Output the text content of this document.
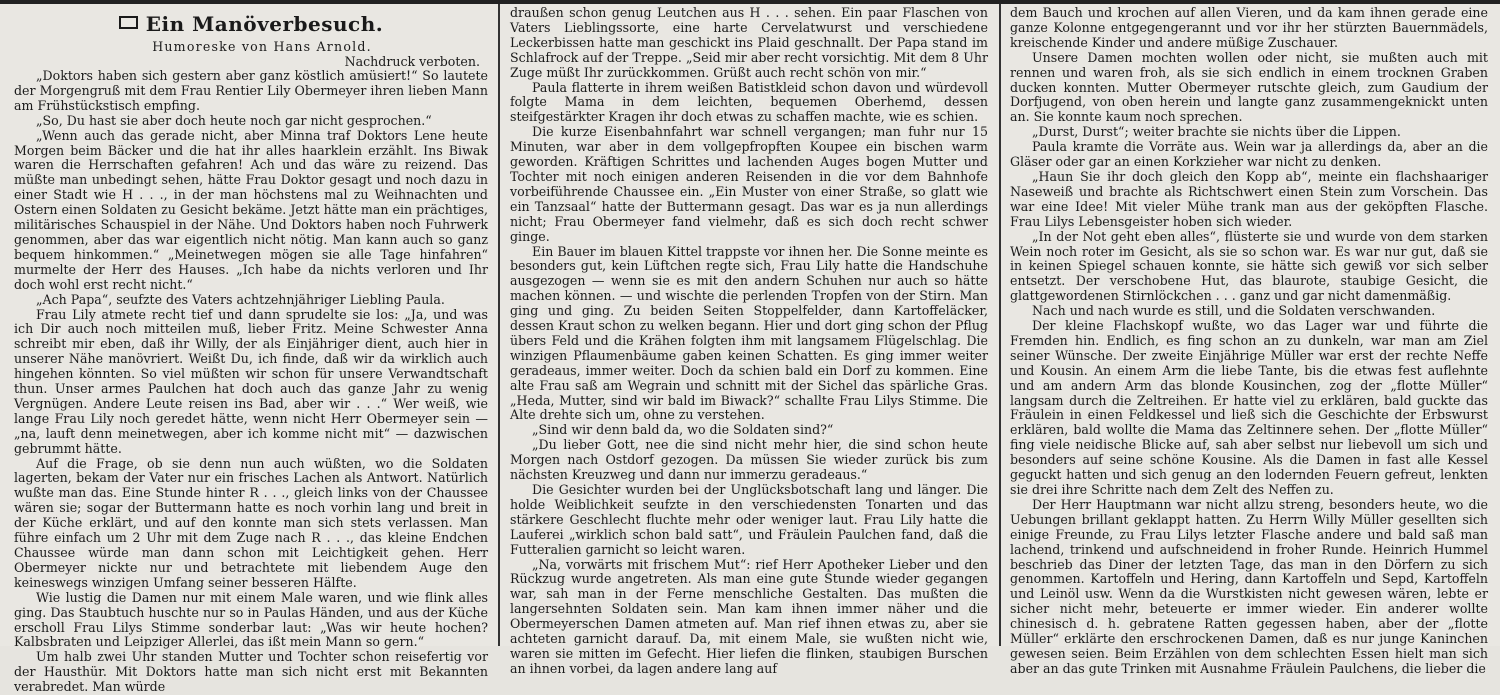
Ein Manöverbesuch.

Humoreske von Hans Arnold.

Nachdruck verboten.

„Doktors haben sich gestern aber ganz köstlich amüsiert!“ So lautete der Morgengruß mit dem Frau Rentier Lily Obermeyer ihren lieben Mann am Frühstückstisch empfing.

„So, Du hast sie aber doch heute noch gar nicht gesprochen.“

„Wenn auch das gerade nicht, aber Minna traf Doktors Lene heute Morgen beim Bäcker und die hat ihr alles haarklein erzählt. Ins Biwak waren die Herrschaften gefahren! Ach und das wäre zu reizend. Das müßte man unbedingt sehen, hätte Frau Doktor gesagt und noch dazu in einer Stadt wie H . . ., in der man höchstens mal zu Weihnachten und Ostern einen Soldaten zu Gesicht bekäme. Jetzt hätte man ein prächtiges, militärisches Schauspiel in der Nähe. Und Doktors haben noch Fuhrwerk genommen, aber das war eigentlich nicht nötig. Man kann auch so ganz bequem hinkommen.“ „Meinetwegen mögen sie alle Tage hinfahren“ murmelte der Herr des Hauses. „Ich habe da nichts verloren und Ihr doch wohl erst recht nicht.“

„Ach Papa“, seufzte des Vaters achtzehnjähriger Liebling Paula.

Frau Lily atmete recht tief und dann sprudelte sie los: „Ja, und was ich Dir auch noch mitteilen muß, lieber Fritz. Meine Schwester Anna schreibt mir eben, daß ihr Willy, der als Einjähriger dient, auch hier in unserer Nähe manövriert. Weißt Du, ich finde, daß wir da wirklich auch hingehen könnten. So viel müßten wir schon für unsere Verwandtschaft thun. Unser armes Paulchen hat doch auch das ganze Jahr zu wenig Vergnügen. Andere Leute reisen ins Bad, aber wir . . .“ Wer weiß, wie lange Frau Lily noch geredet hätte, wenn nicht Herr Obermeyer sein — „na, lauft denn meinetwegen, aber ich komme nicht mit“ — dazwischen gebrummt hätte.

Auf die Frage, ob sie denn nun auch wüßten, wo die Soldaten lagerten, bekam der Vater nur ein frisches Lachen als Antwort. Natürlich wußte man das. Eine Stunde hinter R . . ., gleich links von der Chaussee wären sie; sogar der Buttermann hatte es noch vorhin lang und breit in der Küche erklärt, und auf den konnte man sich stets verlassen. Man führe einfach um 2 Uhr mit dem Zuge nach R . . ., das kleine Endchen Chaussee würde man dann schon mit Leichtigkeit gehen. Herr Obermeyer nickte nur und betrachtete mit liebendem Auge den keineswegs winzigen Umfang seiner besseren Hälfte.

Wie lustig die Damen nur mit einem Male waren, und wie flink alles ging. Das Staubtuch huschte nur so in Paulas Händen, und aus der Küche erscholl Frau Lilys Stimme sonderbar laut: „Was wir heute hochen? Kalbsbraten und Leipziger Allerlei, das ißt mein Mann so gern.“

Um halb zwei Uhr standen Mutter und Tochter schon reisefertig vor der Hausthür. Mit Doktors hatte man sich nicht erst mit Bekannten verabredet. Man würde

draußen schon genug Leutchen aus H . . . sehen. Ein paar Flaschen von Vaters Lieblingssorte, eine harte Cervelatwurst und verschiedene Leckerbissen hatte man geschickt ins Plaid geschnallt. Der Papa stand im Schlafrock auf der Treppe. „Seid mir aber recht vorsichtig. Mit dem 8 Uhr Zuge müßt Ihr zurückkommen. Grüßt auch recht schön von mir.“

Paula flatterte in ihrem weißen Batistkleid schon davon und würdevoll folgte Mama in dem leichten, bequemen Oberhemd, dessen steifgestärkter Kragen ihr doch etwas zu schaffen machte, wie es schien.

Die kurze Eisenbahnfahrt war schnell vergangen; man fuhr nur 15 Minuten, war aber in dem vollgepfropften Koupee ein bischen warm geworden. Kräftigen Schrittes und lachenden Auges bogen Mutter und Tochter mit noch einigen anderen Reisenden in die vor dem Bahnhofe vorbeiführende Chaussee ein. „Ein Muster von einer Straße, so glatt wie ein Tanzsaal“ hatte der Buttermann gesagt. Das war es ja nun allerdings nicht; Frau Obermeyer fand vielmehr, daß es sich doch recht schwer ginge.

Ein Bauer im blauen Kittel trappste vor ihnen her. Die Sonne meinte es besonders gut, kein Lüftchen regte sich, Frau Lily hatte die Handschuhe ausgezogen — wenn sie es mit den andern Schuhen nur auch so hätte machen können. — und wischte die perlenden Tropfen von der Stirn. Man ging und ging. Zu beiden Seiten Stoppelfelder, dann Kartoffeläcker, dessen Kraut schon zu welken begann. Hier und dort ging schon der Pflug übers Feld und die Krähen folgten ihm mit langsamem Flügelschlag. Die winzigen Pflaumenbäume gaben keinen Schatten. Es ging immer weiter geradeaus, immer weiter. Doch da schien bald ein Dorf zu kommen. Eine alte Frau saß am Wegrain und schnitt mit der Sichel das spärliche Gras. „Heda, Mutter, sind wir bald im Biwack?“ schallte Frau Lilys Stimme. Die Alte drehte sich um, ohne zu verstehen.

„Sind wir denn bald da, wo die Soldaten sind?“

„Du lieber Gott, nee die sind nicht mehr hier, die sind schon heute Morgen nach Ostdorf gezogen. Da müssen Sie wieder zurück bis zum nächsten Kreuzweg und dann nur immerzu geradeaus.“

Die Gesichter wurden bei der Unglücksbotschaft lang und länger. Die holde Weiblichkeit seufzte in den verschiedensten Tonarten und das stärkere Geschlecht fluchte mehr oder weniger laut. Frau Lily hatte die Lauferei „wirklich schon bald satt“, und Fräulein Paulchen fand, daß die Futteralien garnicht so leicht waren.

„Na, vorwärts mit frischem Mut“: rief Herr Apotheker Lieber und den Rückzug wurde angetreten. Als man eine gute Stunde wieder gegangen war, sah man in der Ferne menschliche Gestalten. Das mußten die langersehnten Soldaten sein. Man kam ihnen immer näher und die Obermeyerschen Damen atmeten auf. Man rief ihnen etwas zu, aber sie achteten garnicht darauf. Da, mit einem Male, sie wußten nicht wie, waren sie mitten im Gefecht. Hier liefen die flinken, staubigen Burschen an ihnen vorbei, da lagen andere lang auf

dem Bauch und krochen auf allen Vieren, und da kam ihnen gerade eine ganze Kolonne entgegengerannt und vor ihr her stürzten Bauernmädels, kreischende Kinder und andere müßige Zuschauer.

Unsere Damen mochten wollen oder nicht, sie mußten auch mit rennen und waren froh, als sie sich endlich in einem trocknen Graben ducken konnten. Mutter Obermeyer rutschte gleich, zum Gaudium der Dorfjugend, von oben herein und langte ganz zusammengeknickt unten an. Sie konnte kaum noch sprechen.

„Durst, Durst“; weiter brachte sie nichts über die Lippen.

Paula kramte die Vorräte aus. Wein war ja allerdings da, aber an die Gläser oder gar an einen Korkzieher war nicht zu denken.

„Haun Sie ihr doch gleich den Kopp ab“, meinte ein flachshaariger Naseweiß und brachte als Richtschwert einen Stein zum Vorschein. Das war eine Idee! Mit vieler Mühe trank man aus der geköpften Flasche. Frau Lilys Lebensgeister hoben sich wieder.

„In der Not geht eben alles“, flüsterte sie und wurde von dem starken Wein noch roter im Gesicht, als sie so schon war. Es war nur gut, daß sie in keinen Spiegel schauen konnte, sie hätte sich gewiß vor sich selber entsetzt. Der verschobene Hut, das blaurote, staubige Gesicht, die glattgewordenen Stirnlöckchen . . . ganz und gar nicht damenmäßig.

Nach und nach wurde es still, und die Soldaten verschwanden.

Der kleine Flachskopf wußte, wo das Lager war und führte die Fremden hin. Endlich, es fing schon an zu dunkeln, war man am Ziel seiner Wünsche. Der zweite Einjährige Müller war erst der rechte Neffe und Kousin. An einem Arm die liebe Tante, bis die etwas fest auflehnte und am andern Arm das blonde Kousinchen, zog der „flotte Müller“ langsam durch die Zeltreihen. Er hatte viel zu erklären, bald guckte das Fräulein in einen Feldkessel und ließ sich die Geschichte der Erbswurst erklären, bald wollte die Mama das Zeltinnere sehen. Der „flotte Müller“ fing viele neidische Blicke auf, sah aber selbst nur liebevoll um sich und besonders auf seine schöne Kousine. Als die Damen in fast alle Kessel geguckt hatten und sich genug an den lodernden Feuern gefreut, lenkten sie drei ihre Schritte nach dem Zelt des Neffen zu.

Der Herr Hauptmann war nicht allzu streng, besonders heute, wo die Uebungen brillant geklappt hatten. Zu Herrn Willy Müller gesellten sich einige Freunde, zu Frau Lilys letzter Flasche andere und bald saß man lachend, trinkend und aufschneidend in froher Runde. Heinrich Hummel beschrieb das Diner der letzten Tage, das man in den Dörfern zu sich genommen. Kartoffeln und Hering, dann Kartoffeln und Sepd, Kartoffeln und Leinöl usw. Wenn da die Wurstkisten nicht gewesen wären, lebte er sicher nicht mehr, beteuerte er immer wieder. Ein anderer wollte chinesisch d. h. gebratene Ratten gegessen haben, aber der „flotte Müller“ erklärte den erschrockenen Damen, daß es nur junge Kaninchen gewesen seien. Beim Erzählen von dem schlechten Essen hielt man sich aber an das gute Trinken mit Ausnahme Fräulein Paulchens, die lieber die
